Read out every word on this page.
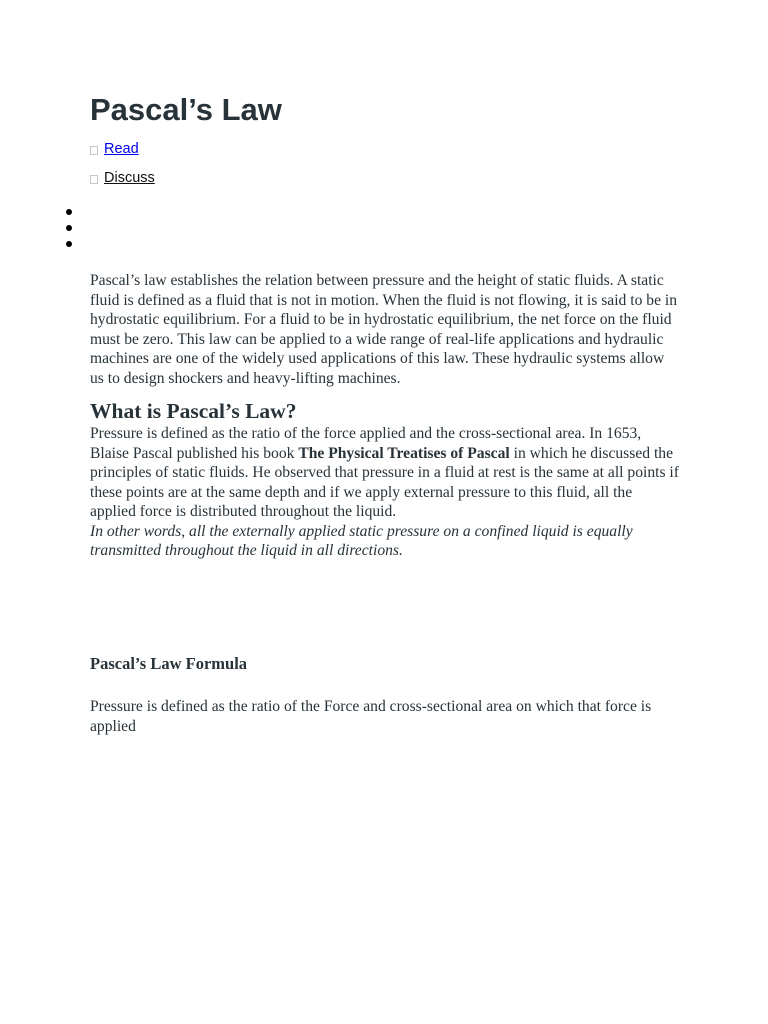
Pascal’s Law
Read
Discuss

Pascal’s law establishes the relation between pressure and the height of static fluids. A static fluid is defined as a fluid that is not in motion. When the fluid is not flowing, it is said to be in hydrostatic equilibrium. For a fluid to be in hydrostatic equilibrium, the net force on the fluid must be zero. This law can be applied to a wide range of real-life applications and hydraulic machines are one of the widely used applications of this law. These hydraulic systems allow us to design shockers and heavy-lifting machines.

What is Pascal’s Law?

Pressure is defined as the ratio of the force applied and the cross-sectional area. In 1653, Blaise Pascal published his book The Physical Treatises of Pascal in which he discussed the principles of static fluids. He observed that pressure in a fluid at rest is the same at all points if these points are at the same depth and if we apply external pressure to this fluid, all the applied force is distributed throughout the liquid.
In other words, all the externally applied static pressure on a confined liquid is equally transmitted throughout the liquid in all directions.

Pascal’s Law Formula

Pressure is defined as the ratio of the Force and cross-sectional area on which that force is applied
